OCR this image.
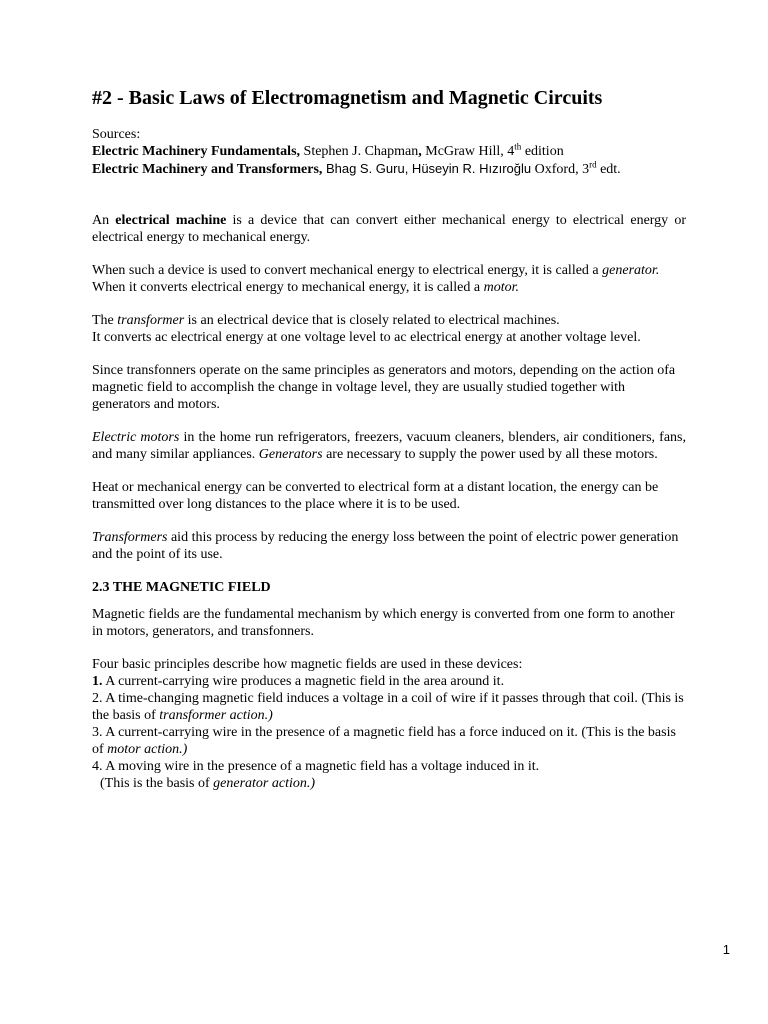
#2 - Basic Laws of Electromagnetism and Magnetic Circuits

Sources:

Electric Machinery Fundamentals, Stephen J. Chapman, McGraw Hill, 4th edition

Electric Machinery and Transformers, Bhag S. Guru, Hüseyin R. Hızıroğlu Oxford, 3rd edt.

An electrical machine is a device that can convert either mechanical energy to electrical energy or electrical energy to mechanical energy.

When such a device is used to convert mechanical energy to electrical energy, it is called a generator.

When it converts electrical energy to mechanical energy, it is called a motor.

The transformer is an electrical device that is closely related to electrical machines.

It converts ac electrical energy at one voltage level to ac electrical energy at another voltage level.

Since transfonners operate on the same principles as generators and motors, depending on the action ofa magnetic field to accomplish the change in voltage level, they are usually studied together with generators and motors.

Electric motors in the home run refrigerators, freezers, vacuum cleaners, blenders, air conditioners, fans, and many similar appliances. Generators are necessary to supply the power used by all these motors.

Heat or mechanical energy can be converted to electrical form at a distant location, the energy can be transmitted over long distances to the place where it is to be used.

Transformers aid this process by reducing the energy loss between the point of electric power generation and the point of its use.

2.3 THE MAGNETIC FIELD

Magnetic fields are the fundamental mechanism by which energy is converted from one form to another in motors, generators, and transfonners.

Four basic principles describe how magnetic fields are used in these devices:

1. A current-carrying wire produces a magnetic field in the area around it.

2. A time-changing magnetic field induces a voltage in a coil of wire if it passes through that coil. (This is the basis of transformer action.)

3. A current-carrying wire in the presence of a magnetic field has a force induced on it. (This is the basis of motor action.)

4. A moving wire in the presence of a magnetic field has a voltage induced in it.

(This is the basis of generator action.)

1
